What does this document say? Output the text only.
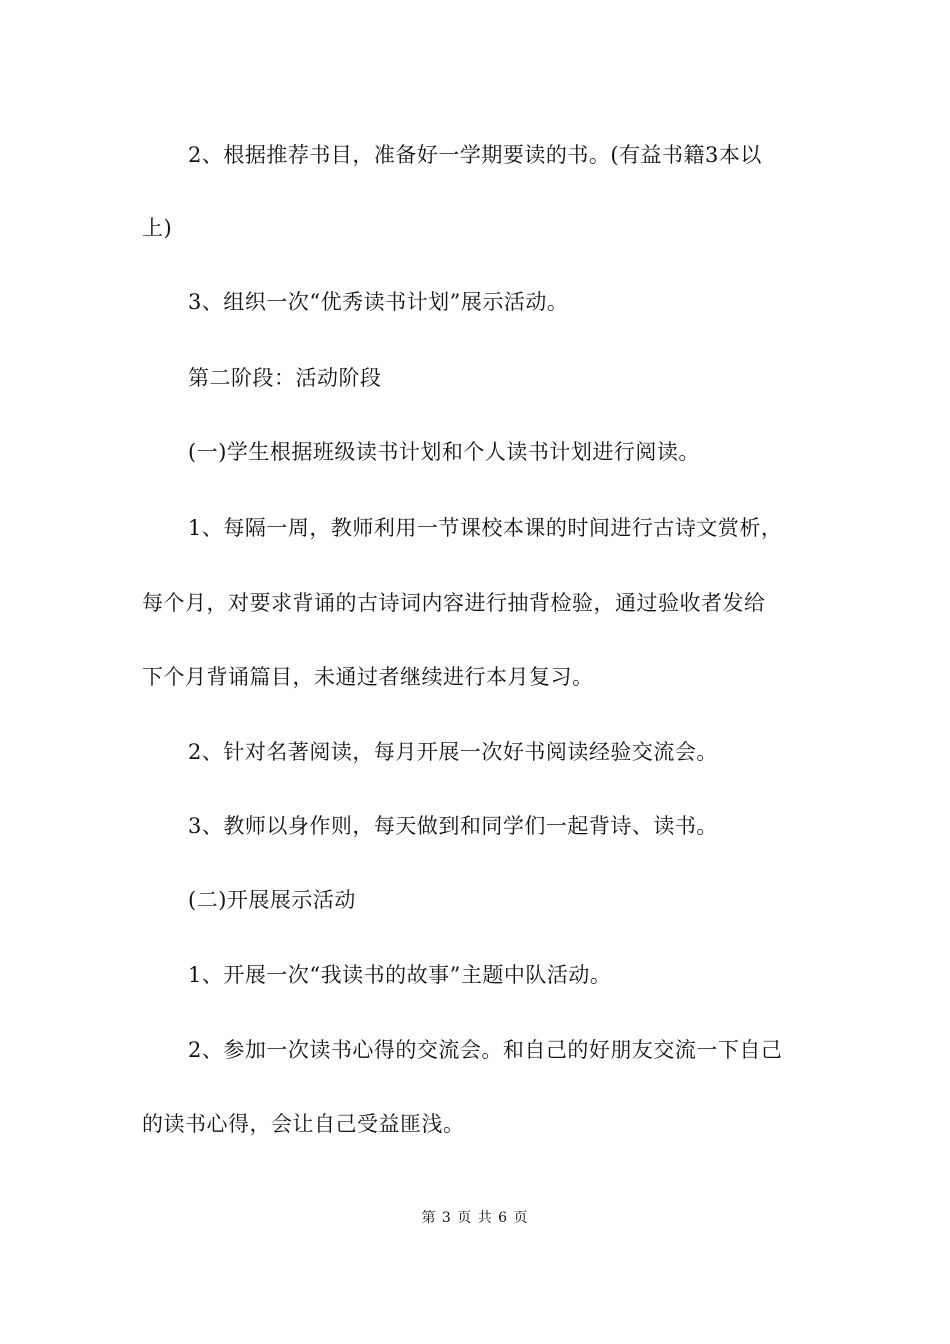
2、根据推荐书目，准备好一学期要读的书。(有益书籍3本以
上)
3、组织一次“优秀读书计划”展示活动。
第二阶段：活动阶段
(一)学生根据班级读书计划和个人读书计划进行阅读。
1、每隔一周，教师利用一节课校本课的时间进行古诗文赏析，
每个月，对要求背诵的古诗词内容进行抽背检验，通过验收者发给
下个月背诵篇目，未通过者继续进行本月复习。
2、针对名著阅读，每月开展一次好书阅读经验交流会。
3、教师以身作则，每天做到和同学们一起背诗、读书。
(二)开展展示活动
1、开展一次“我读书的故事”主题中队活动。
2、参加一次读书心得的交流会。和自己的好朋友交流一下自己
的读书心得，会让自己受益匪浅。
第 3 页 共 6 页
